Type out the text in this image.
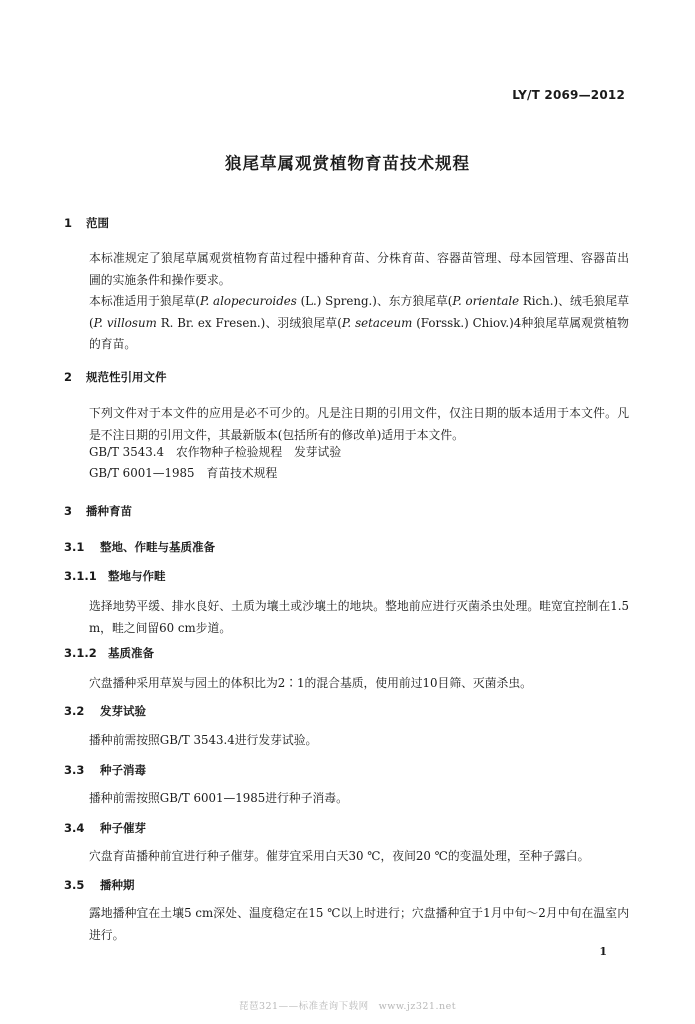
LY/T 2069—2012
狼尾草属观赏植物育苗技术规程
1 范围
本标准规定了狼尾草属观赏植物育苗过程中播种育苗、分株育苗、容器苗管理、母本园管理、容器苗出圃的实施条件和操作要求。
本标准适用于狼尾草(P. alopecuroides (L.) Spreng.)、东方狼尾草(P. orientale Rich.)、绒毛狼尾草(P. villosum R. Br. ex Fresen.)、羽绒狼尾草(P. setaceum (Forssk.) Chiov.)4种狼尾草属观赏植物的育苗。
2 规范性引用文件
下列文件对于本文件的应用是必不可少的。凡是注日期的引用文件，仅注日期的版本适用于本文件。凡是不注日期的引用文件，其最新版本(包括所有的修改单)适用于本文件。
GB/T 3543.4 农作物种子检验规程　发芽试验
GB/T 6001—1985 育苗技术规程
3 播种育苗
3.1 整地、作畦与基质准备
3.1.1 整地与作畦
选择地势平缓、排水良好、土质为壤土或沙壤土的地块。整地前应进行灭菌杀虫处理。畦宽宜控制在1.5 m，畦之间留60 cm步道。
3.1.2 基质准备
穴盘播种采用草炭与园土的体积比为2∶1的混合基质，使用前过10目筛、灭菌杀虫。
3.2 发芽试验
播种前需按照GB/T 3543.4进行发芽试验。
3.3 种子消毒
播种前需按照GB/T 6001—1985进行种子消毒。
3.4 种子催芽
穴盘育苗播种前宜进行种子催芽。催芽宜采用白天30 ℃，夜间20 ℃的变温处理，至种子露白。
3.5 播种期
露地播种宜在土壤5 cm深处、温度稳定在15 ℃以上时进行；穴盘播种宜于1月中旬～2月中旬在温室内进行。
1
琵琶321——标准查询下载网　www.jz321.net
